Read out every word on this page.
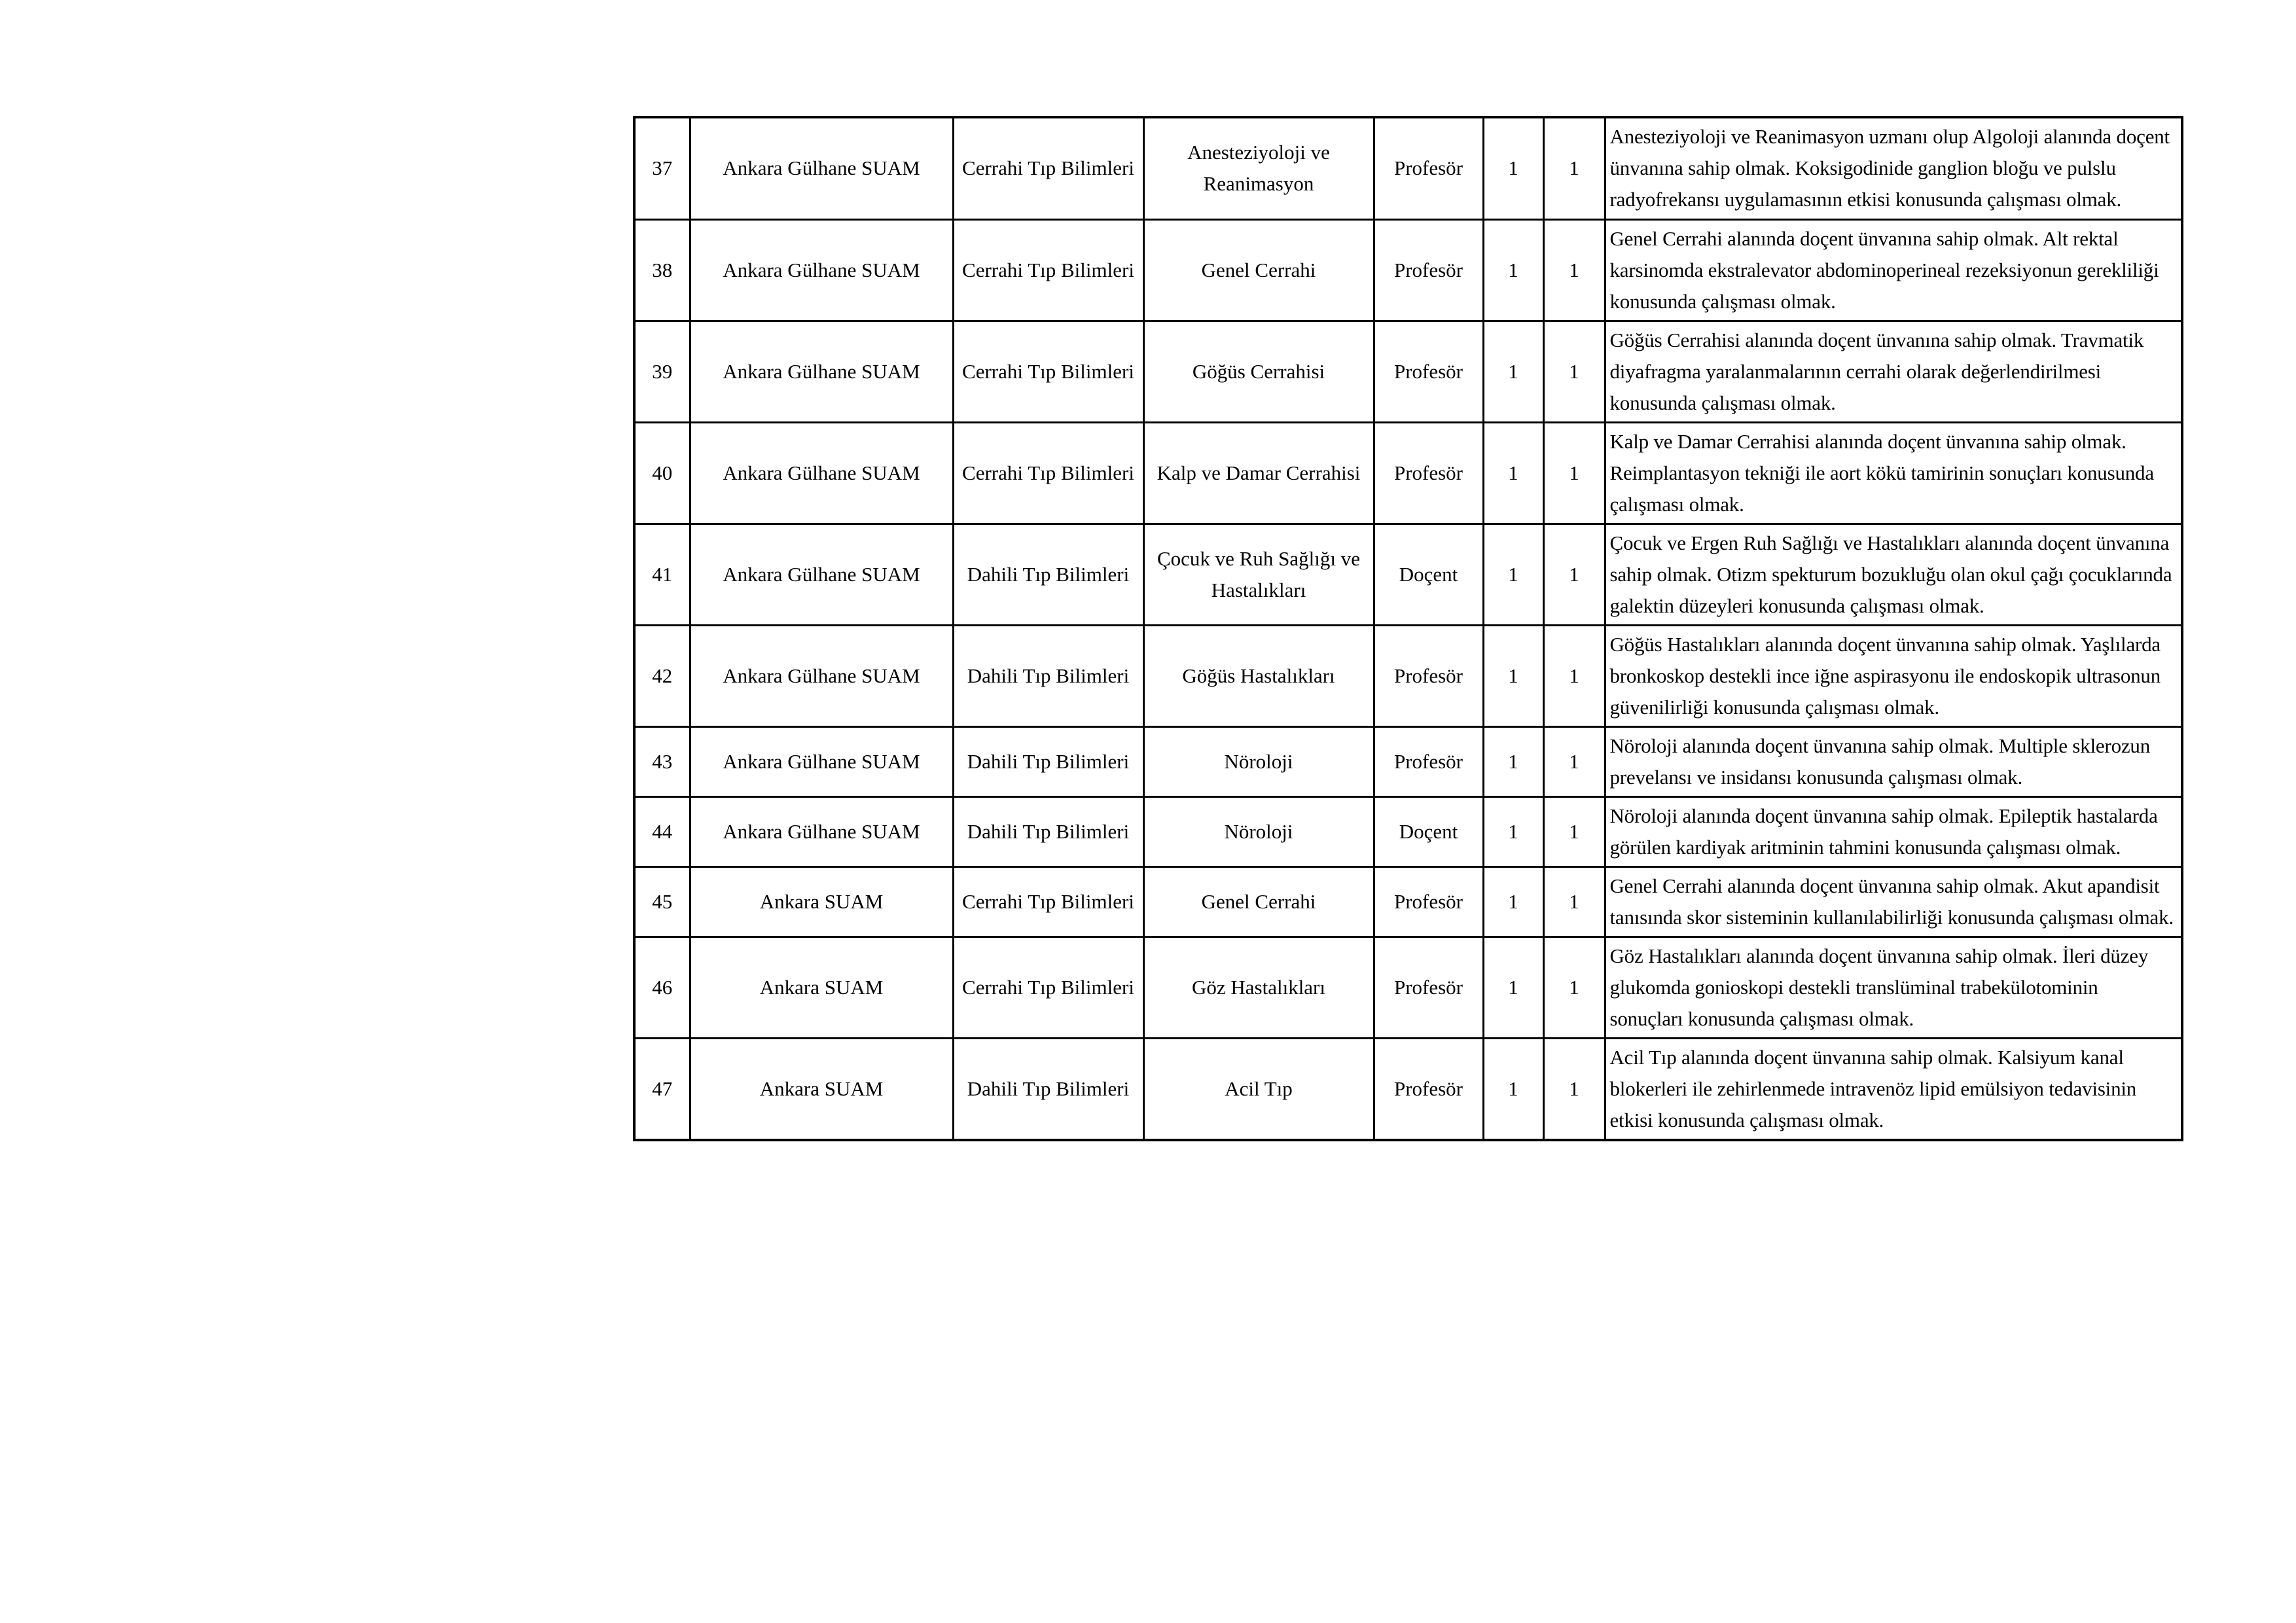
37	Ankara Gülhane SUAM	Cerrahi Tıp Bilimleri	Anesteziyoloji ve Reanimasyon	Profesör	1	1	Anesteziyoloji ve Reanimasyon uzmanı olup Algoloji alanında doçent ünvanına sahip olmak. Koksigodinide ganglion bloğu ve pulslu radyofrekansı uygulamasının etkisi konusunda çalışması olmak.
38	Ankara Gülhane SUAM	Cerrahi Tıp Bilimleri	Genel Cerrahi	Profesör	1	1	Genel Cerrahi alanında doçent ünvanına sahip olmak. Alt rektal karsinomda ekstralevator abdominoperineal rezeksiyonun gerekliliği konusunda çalışması olmak.
39	Ankara Gülhane SUAM	Cerrahi Tıp Bilimleri	Göğüs Cerrahisi	Profesör	1	1	Göğüs Cerrahisi alanında doçent ünvanına sahip olmak. Travmatik diyafragma yaralanmalarının cerrahi olarak değerlendirilmesi konusunda çalışması olmak.
40	Ankara Gülhane SUAM	Cerrahi Tıp Bilimleri	Kalp ve Damar Cerrahisi	Profesör	1	1	Kalp ve Damar Cerrahisi alanında doçent ünvanına sahip olmak. Reimplantasyon tekniği ile aort kökü tamirinin sonuçları konusunda çalışması olmak.
41	Ankara Gülhane SUAM	Dahili Tıp Bilimleri	Çocuk ve Ruh Sağlığı ve Hastalıkları	Doçent	1	1	Çocuk ve Ergen Ruh Sağlığı ve Hastalıkları alanında doçent ünvanına sahip olmak. Otizm spekturum bozukluğu olan okul çağı çocuklarında galektin düzeyleri konusunda çalışması olmak.
42	Ankara Gülhane SUAM	Dahili Tıp Bilimleri	Göğüs Hastalıkları	Profesör	1	1	Göğüs Hastalıkları alanında doçent ünvanına sahip olmak. Yaşlılarda bronkoskop destekli ince iğne aspirasyonu ile endoskopik ultrasonun güvenilirliği konusunda çalışması olmak.
43	Ankara Gülhane SUAM	Dahili Tıp Bilimleri	Nöroloji	Profesör	1	1	Nöroloji alanında doçent ünvanına sahip olmak. Multiple sklerozun prevelansı ve insidansı konusunda çalışması olmak.
44	Ankara Gülhane SUAM	Dahili Tıp Bilimleri	Nöroloji	Doçent	1	1	Nöroloji alanında doçent ünvanına sahip olmak. Epileptik hastalarda görülen kardiyak aritminin tahmini konusunda çalışması olmak.
45	Ankara SUAM	Cerrahi Tıp Bilimleri	Genel Cerrahi	Profesör	1	1	Genel Cerrahi alanında doçent ünvanına sahip olmak. Akut apandisit tanısında skor sisteminin kullanılabilirliği konusunda çalışması olmak.
46	Ankara SUAM	Cerrahi Tıp Bilimleri	Göz Hastalıkları	Profesör	1	1	Göz Hastalıkları alanında doçent ünvanına sahip olmak. İleri düzey glukomda gonioskopi destekli translüminal trabekülotominin sonuçları konusunda çalışması olmak.
47	Ankara SUAM	Dahili Tıp Bilimleri	Acil Tıp	Profesör	1	1	Acil Tıp alanında doçent ünvanına sahip olmak. Kalsiyum kanal blokerleri ile zehirlenmede intravenöz lipid emülsiyon tedavisinin etkisi konusunda çalışması olmak.
